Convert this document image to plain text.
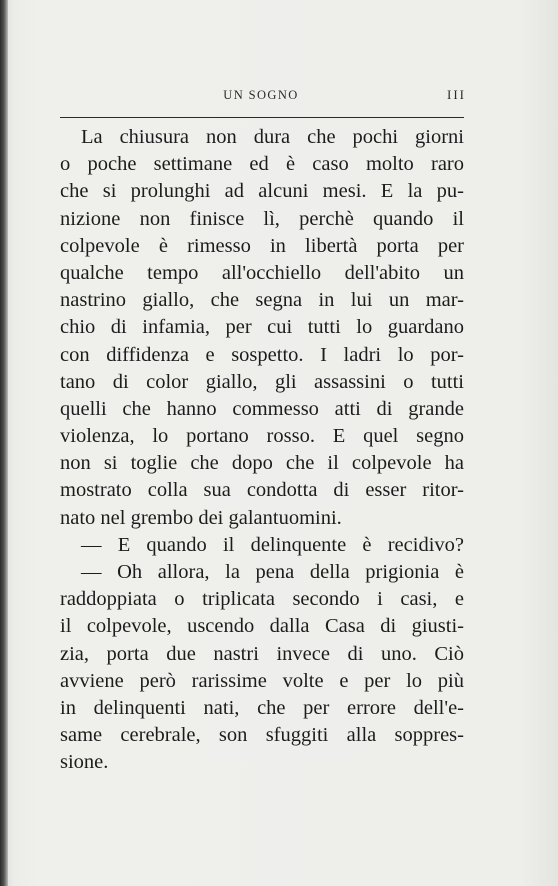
UN SOGNO	III
La chiusura non dura che pochi giorni
o poche settimane ed è caso molto raro
che si prolunghi ad alcuni mesi. E la pu-
nizione non finisce lì, perchè quando il
colpevole è rimesso in libertà porta per
qualche tempo all'occhiello dell'abito un
nastrino giallo, che segna in lui un mar-
chio di infamia, per cui tutti lo guardano
con diffidenza e sospetto. I ladri lo por-
tano di color giallo, gli assassini o tutti
quelli che hanno commesso atti di grande
violenza, lo portano rosso. E quel segno
non si toglie che dopo che il colpevole ha
mostrato colla sua condotta di esser ritor-
nato nel grembo dei galantuomini.
— E quando il delinquente è recidivo?
— Oh allora, la pena della prigionia è
raddoppiata o triplicata secondo i casi, e
il colpevole, uscendo dalla Casa di giusti-
zia, porta due nastri invece di uno. Ciò
avviene però rarissime volte e per lo più
in delinquenti nati, che per errore dell'e-
same cerebrale, son sfuggiti alla soppres-
sione.
